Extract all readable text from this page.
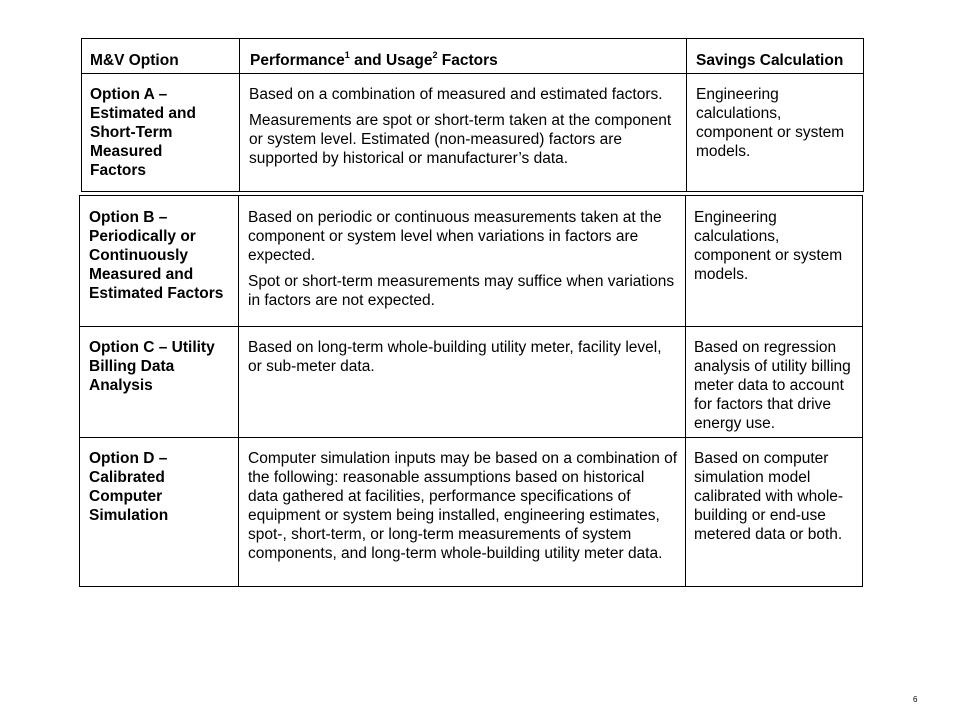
M&V Option	Performance$^1$ and Usage$^2$ Factors	Savings Calculation
Option A – Estimated and Short-Term Measured Factors

Based on a combination of measured and estimated factors.

Measurements are spot or short-term taken at the component or system level. Estimated (non-measured) factors are supported by historical or manufacturer’s data.

Engineering calculations, component or system models.
Option B – Periodically or Continuously Measured and Estimated Factors

Based on periodic or continuous measurements taken at the component or system level when variations in factors are expected.

Spot or short-term measurements may suffice when variations in factors are not expected.

Engineering calculations, component or system models.
Option C – Utility Billing Data Analysis

Based on long-term whole-building utility meter, facility level, or sub-meter data.

Based on regression analysis of utility billing meter data to account for factors that drive energy use.
Option D – Calibrated Computer Simulation

Computer simulation inputs may be based on a combination of the following: reasonable assumptions based on historical data gathered at facilities, performance specifications of equipment or system being installed, engineering estimates, spot-, short-term, or long-term measurements of system components, and long-term whole-building utility meter data.

Based on computer simulation model calibrated with whole-building or end-use metered data or both.
6
